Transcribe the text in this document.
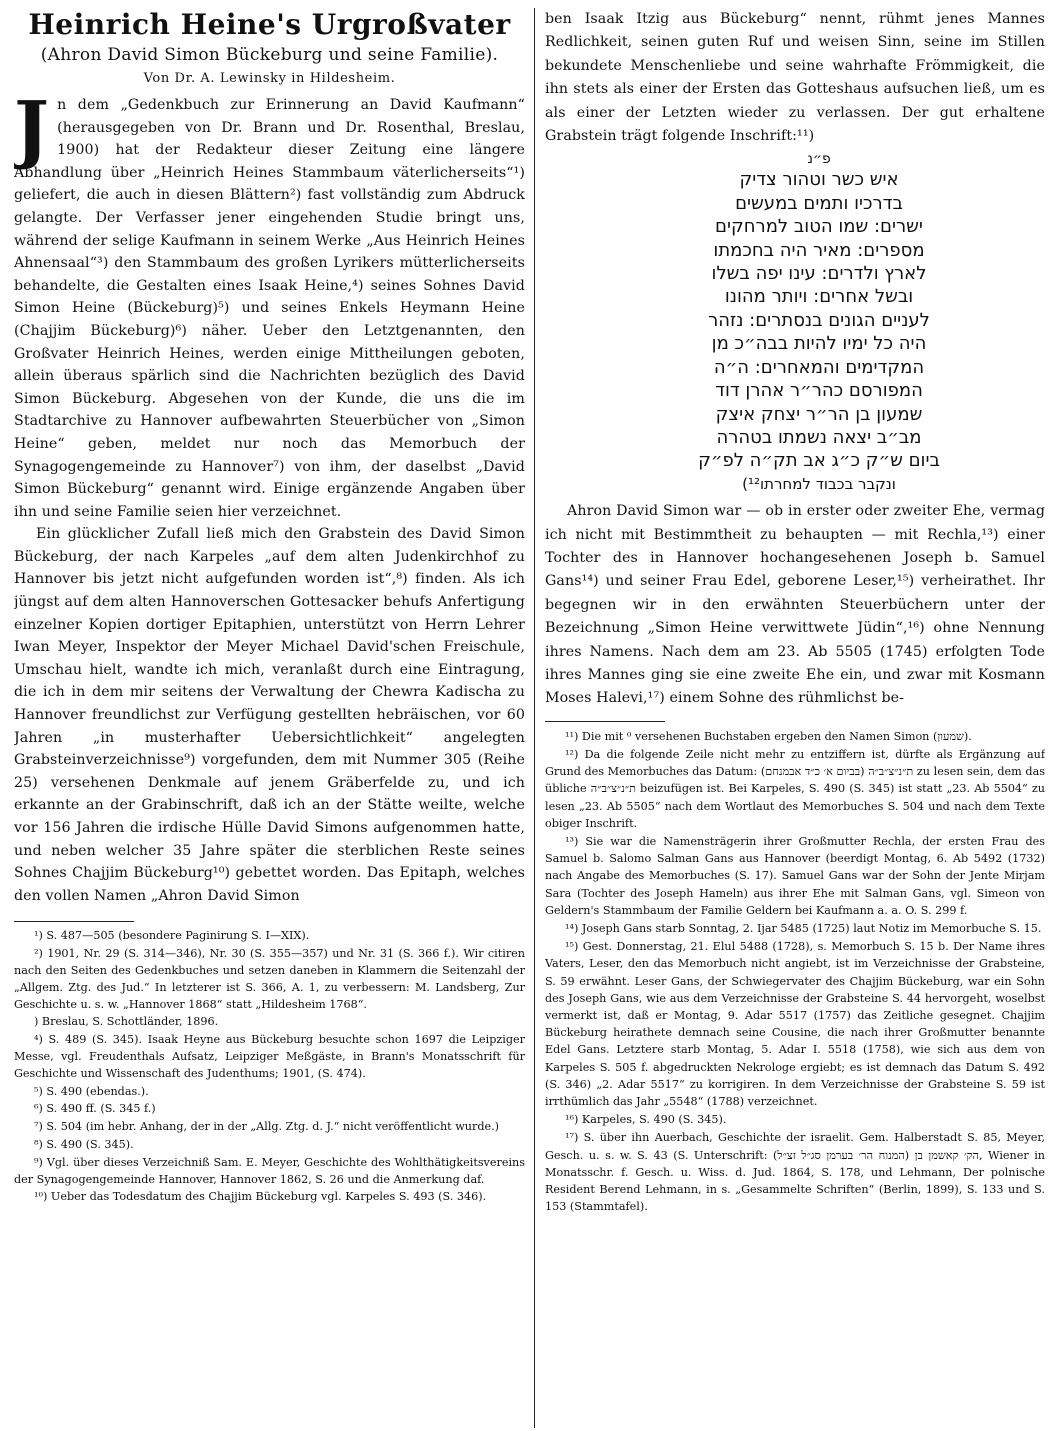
Heinrich Heine's Urgroßvater
(Ahron David Simon Bückeburg und seine Familie).
Von Dr. A. Lewinsky in Hildesheim.

Jn dem „Gedenkbuch zur Erinnerung an David Kaufmann“ (herausgegeben von Dr. Brann und Dr. Rosenthal, Breslau, 1900) hat der Redakteur dieser Zeitung eine längere Abhandlung über „Heinrich Heines Stammbaum väterlicherseits“¹) geliefert, die auch in diesen Blättern²) fast vollständig zum Abdruck gelangte. Der Verfasser jener eingehenden Studie bringt uns, während der selige Kaufmann in seinem Werke „Aus Heinrich Heines Ahnensaal“³) den Stammbaum des großen Lyrikers mütterlicherseits behandelte, die Gestalten eines Isaak Heine,⁴) seines Sohnes David Simon Heine (Bückeburg)⁵) und seines Enkels Heymann Heine (Chajjim Bückeburg)⁶) näher. Ueber den Letztgenannten, den Großvater Heinrich Heines, werden einige Mittheilungen geboten, allein überaus spärlich sind die Nachrichten bezüglich des David Simon Bückeburg. Abgesehen von der Kunde, die uns die im Stadtarchive zu Hannover aufbewahrten Steuerbücher von „Simon Heine“ geben, meldet nur noch das Memorbuch der Synagogengemeinde zu Hannover⁷) von ihm, der daselbst „David Simon Bückeburg“ genannt wird. Einige ergänzende Angaben über ihn und seine Familie seien hier verzeichnet.

Ein glücklicher Zufall ließ mich den Grabstein des David Simon Bückeburg, der nach Karpeles „auf dem alten Judenkirchhof zu Hannover bis jetzt nicht aufgefunden worden ist“,⁸) finden. Als ich jüngst auf dem alten Hannoverschen Gottesacker behufs Anfertigung einzelner Kopien dortiger Epitaphien, unterstützt von Herrn Lehrer Iwan Meyer, Inspektor der Meyer Michael David'schen Freischule, Umschau hielt, wandte ich mich, veranlaßt durch eine Eintragung, die ich in dem mir seitens der Verwaltung der Chewra Kadischa zu Hannover freundlichst zur Verfügung gestellten hebräischen, vor 60 Jahren „in musterhafter Uebersichtlichkeit“ angelegten Grabsteinverzeichnisse⁹) vorgefunden, dem mit Nummer 305 (Reihe 25) versehenen Denkmale auf jenem Gräberfelde zu, und ich erkannte an der Grabinschrift, daß ich an der Stätte weilte, welche vor 156 Jahren die irdische Hülle David Simons aufgenommen hatte, und neben welcher 35 Jahre später die sterblichen Reste seines Sohnes Chajjim Bückeburg¹⁰) gebettet worden. Das Epitaph, welches den vollen Namen „Ahron David Simon

¹) S. 487—505 (besondere Paginirung S. I—XIX).

²) 1901, Nr. 29 (S. 314—346), Nr. 30 (S. 355—357) und Nr. 31 (S. 366 f.). Wir citiren nach den Seiten des Gedenkbuches und setzen daneben in Klammern die Seitenzahl der „Allgem. Ztg. des Jud.“ In letzterer ist S. 366, A. 1, zu verbessern: M. Landsberg, Zur Geschichte u. s. w. „Hannover 1868“ statt „Hildesheim 1768“.

) Breslau, S. Schottländer, 1896.

⁴) S. 489 (S. 345). Isaak Heyne aus Bückeburg besuchte schon 1697 die Leipziger Messe, vgl. Freudenthals Aufsatz, Leipziger Meßgäste, in Brann's Monatsschrift für Geschichte und Wissenschaft des Judenthums; 1901, (S. 474).

⁵) S. 490 (ebendas.).

⁶) S. 490 ff. (S. 345 f.)

⁷) S. 504 (im hebr. Anhang, der in der „Allg. Ztg. d. J.“ nicht veröffentlicht wurde.)

⁸) S. 490 (S. 345).

⁹) Vgl. über dieses Verzeichniß Sam. E. Meyer, Geschichte des Wohlthätigkeitsvereins der Synagogengemeinde Hannover, Hannover 1862, S. 26 und die Anmerkung daf.

¹⁰) Ueber das Todesdatum des Chajjim Bückeburg vgl. Karpeles S. 493 (S. 346).

ben Isaak Itzig aus Bückeburg“ nennt, rühmt jenes Mannes Redlichkeit, seinen guten Ruf und weisen Sinn, seine im Stillen bekundete Menschenliebe und seine wahrhafte Frömmigkeit, die ihn stets als einer der Ersten das Gotteshaus aufsuchen ließ, um es als einer der Letzten wieder zu verlassen. Der gut erhaltene Grabstein trägt folgende Inschrift:¹¹)

פ״נ
איש כשר וטהור צדיק
בדרכיו ותמים במעשים
ישרים: שמו הטוב למרחקים
מספרים: מאיר היה בחכמתו
לארץ ולדרים: עינו יפה בשלו
ובשל אחרים: ויותר מהונו
לעניים הגונים בנסתרים: נזהר
היה כל ימיו להיות בבה״כ מן
המקדימים והמאחרים: ה״ה
המפורסם כהר״ר אהרן דוד
שמעון בן הר״ר יצחק איצק
מב״ב יצאה נשמתו בטהרה
ביום ש״ק כ״ג אב תק״ה לפ״ק
ונקבר בכבוד למחרתו¹²)

Ahron David Simon war — ob in erster oder zweiter Ehe, vermag ich nicht mit Bestimmtheit zu behaupten — mit Rechla,¹³) einer Tochter des in Hannover hochangesehenen Joseph b. Samuel Gans¹⁴) und seiner Frau Edel, geborene Leser,¹⁵) verheirathet. Ihr begegnen wir in den erwähnten Steuerbüchern unter der Bezeichnung „Simon Heine verwittwete Jüdin“,¹⁶) ohne Nennung ihres Namens. Nach dem am 23. Ab 5505 (1745) erfolgten Tode ihres Mannes ging sie eine zweite Ehe ein, und zwar mit Kosmann Moses Halevi,¹⁷) einem Sohne des rühmlichst be-

¹¹) Die mit ⁰ versehenen Buchstaben ergeben den Namen Simon (שמעון).

¹²) Da die folgende Zeile nicht mehr zu entziffern ist, dürfte als Ergänzung auf Grund des Memorbuches das Datum: ת״נ״צ״ב״ה (בביום א׳ כ״ד אבמנחם) zu lesen sein, dem das übliche ת״נ״צ״ב״ה beizufügen ist. Bei Karpeles, S. 490 (S. 345) ist statt „23. Ab 5504“ zu lesen „23. Ab 5505“ nach dem Wortlaut des Memorbuches S. 504 und nach dem Texte obiger Inschrift.

¹³) Sie war die Namensträgerin ihrer Großmutter Rechla, der ersten Frau des Samuel b. Salomo Salman Gans aus Hannover (beerdigt Montag, 6. Ab 5492 (1732) nach Angabe des Memorbuches (S. 17). Samuel Gans war der Sohn der Jente Mirjam Sara (Tochter des Joseph Hameln) aus ihrer Ehe mit Salman Gans, vgl. Simeon von Geldern's Stammbaum der Familie Geldern bei Kaufmann a. a. O. S. 299 f.

¹⁴) Joseph Gans starb Sonntag, 2. Ijar 5485 (1725) laut Notiz im Memorbuche S. 15.

¹⁵) Gest. Donnerstag, 21. Elul 5488 (1728), s. Memorbuch S. 15 b. Der Name ihres Vaters, Leser, den das Memorbuch nicht angiebt, ist im Verzeichnisse der Grabsteine, S. 59 erwähnt. Leser Gans, der Schwiegervater des Chajjim Bückeburg, war ein Sohn des Joseph Gans, wie aus dem Verzeichnisse der Grabsteine S. 44 hervorgeht, woselbst vermerkt ist, daß er Montag, 9. Adar 5517 (1757) das Zeitliche gesegnet. Chajjim Bückeburg heirathete demnach seine Cousine, die nach ihrer Großmutter benannte Edel Gans. Letztere starb Montag, 5. Adar I. 5518 (1758), wie sich aus dem von Karpeles S. 505 f. abgedruckten Nekrologe ergiebt; es ist demnach das Datum S. 492 (S. 346) „2. Adar 5517“ zu korrigiren. In dem Verzeichnisse der Grabsteine S. 59 ist irrthümlich das Jahr „5548“ (1788) verzeichnet.

¹⁶) Karpeles, S. 490 (S. 345).

¹⁷) S. über ihn Auerbach, Geschichte der israelit. Gem. Halberstadt S. 85, Meyer, Gesch. u. s. w. S. 43 (S. Unterschrift: הק׳ קאשמן בן (המנוח הר׳ בערמן סג״ל זצ״ל), Wiener in Monatsschr. f. Gesch. u. Wiss. d. Jud. 1864, S. 178, und Lehmann, Der polnische Resident Berend Lehmann, in s. „Gesammelte Schriften“ (Berlin, 1899), S. 133 und S. 153 (Stammtafel).
